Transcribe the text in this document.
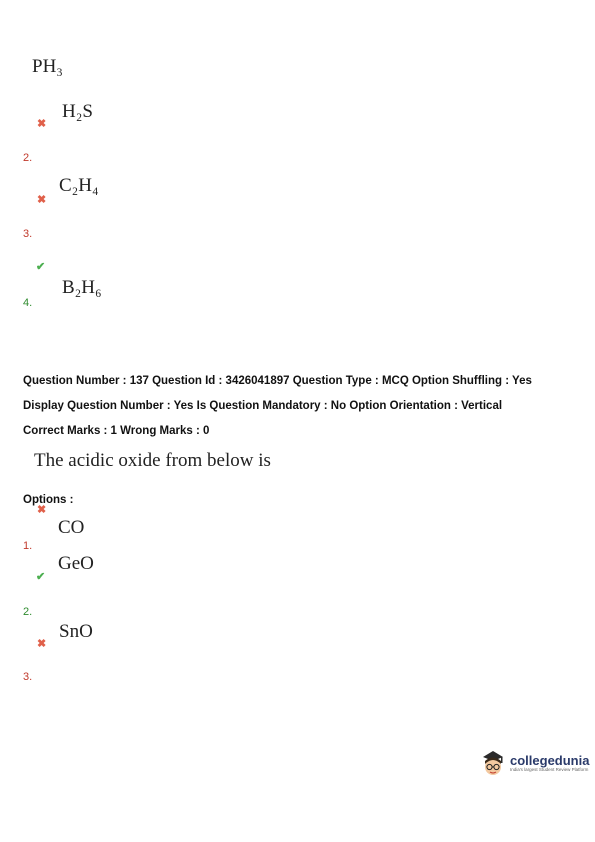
PH₃
✖
H₂S
2.
✖
C₂H₄
3.
✔
B₂H₆
4.
Question Number : 137 Question Id : 3426041897 Question Type : MCQ Option Shuffling : Yes
Display Question Number : Yes Is Question Mandatory : No Option Orientation : Vertical
Correct Marks : 1 Wrong Marks : 0
The acidic oxide from below is
Options :
✖
CO
1.
GeO
✔
2.
SnO
✖
3.
collegedunia
India's largest Student Review Platform
